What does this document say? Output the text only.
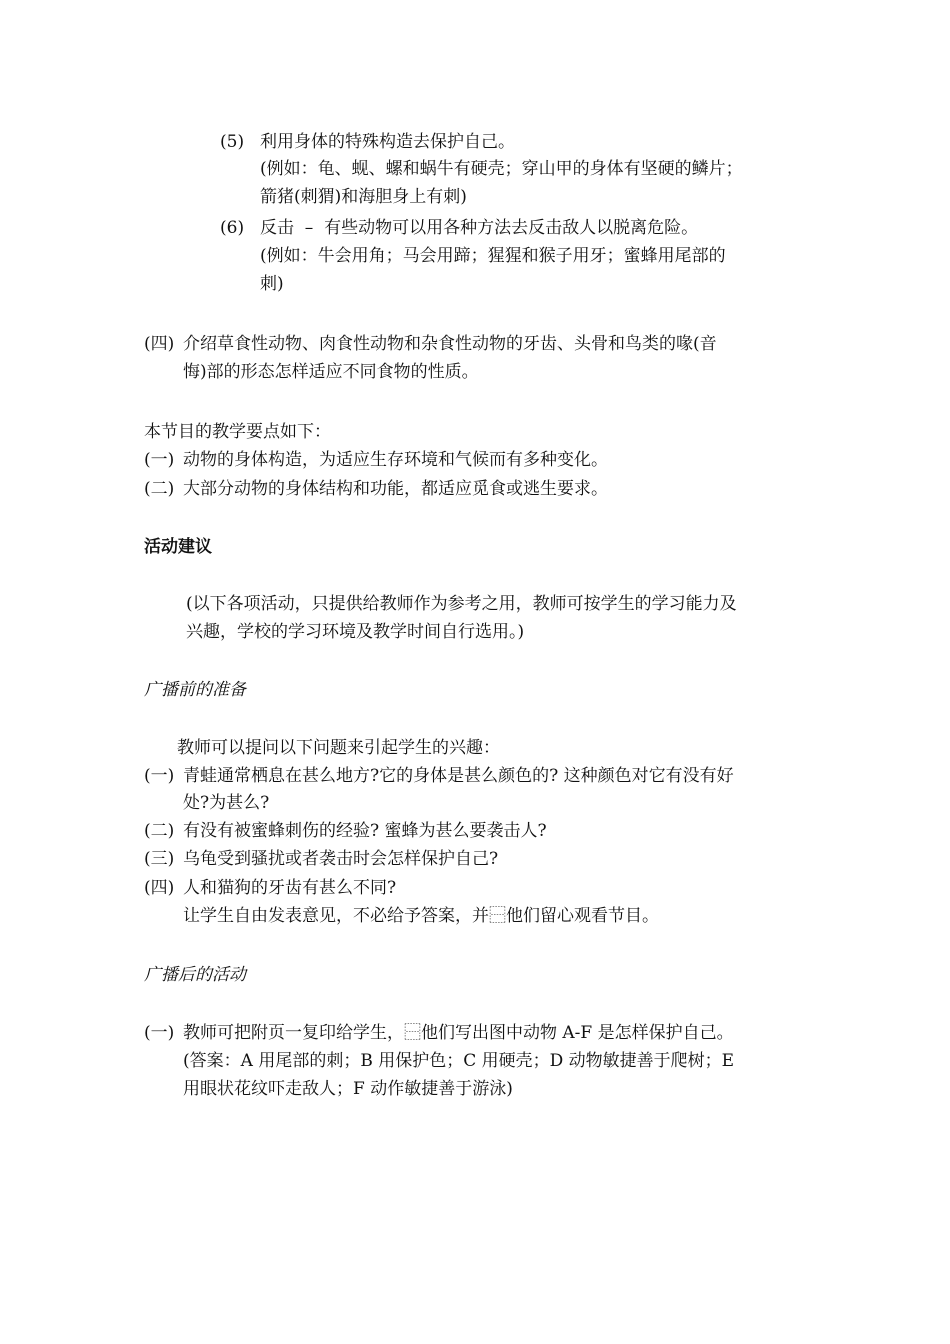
(5) 利用身体的特殊构造去保护自己。
(例如：龟、蚬、螺和蜗牛有硬壳；穿山甲的身体有坚硬的鳞片；
箭猪(刺猬)和海胆身上有刺)
(6) 反击  –  有些动物可以用各种方法去反击敌人以脱离危险。
(例如：牛会用角；马会用蹄；猩猩和猴子用牙；蜜蜂用尾部的
刺)
(四) 介绍草食性动物、肉食性动物和杂食性动物的牙齿、头骨和鸟类的喙(音
悔)部的形态怎样适应不同食物的性质。
本节目的教学要点如下：
(一) 动物的身体构造，为适应生存环境和气候而有多种变化。
(二) 大部分动物的身体结构和功能，都适应觅食或逃生要求。
活动建议
(以下各项活动，只提供给教师作为参考之用，教师可按学生的学习能力及
兴趣，学校的学习环境及教学时间自行选用。)
广播前的准备
教师可以提问以下问题来引起学生的兴趣：
(一) 青蛙通常栖息在甚么地方?它的身体是甚么颜色的? 这种颜色对它有没有好
处?为甚么?
(二) 有没有被蜜蜂刺伤的经验? 蜜蜂为甚么要袭击人?
(三) 乌龟受到骚扰或者袭击时会怎样保护自己?
(四) 人和猫狗的牙齿有甚么不同?
让学生自由发表意见，不必给予答案，并⿱他们留心观看节目。
广播后的活动
(一) 教师可把附页一复印给学生，⿱他们写出图中动物 A-F 是怎样保护自己。
(答案：A 用尾部的刺；B 用保护色；C 用硬壳；D 动物敏捷善于爬树；E
用眼状花纹吓走敌人；F 动作敏捷善于游泳)
